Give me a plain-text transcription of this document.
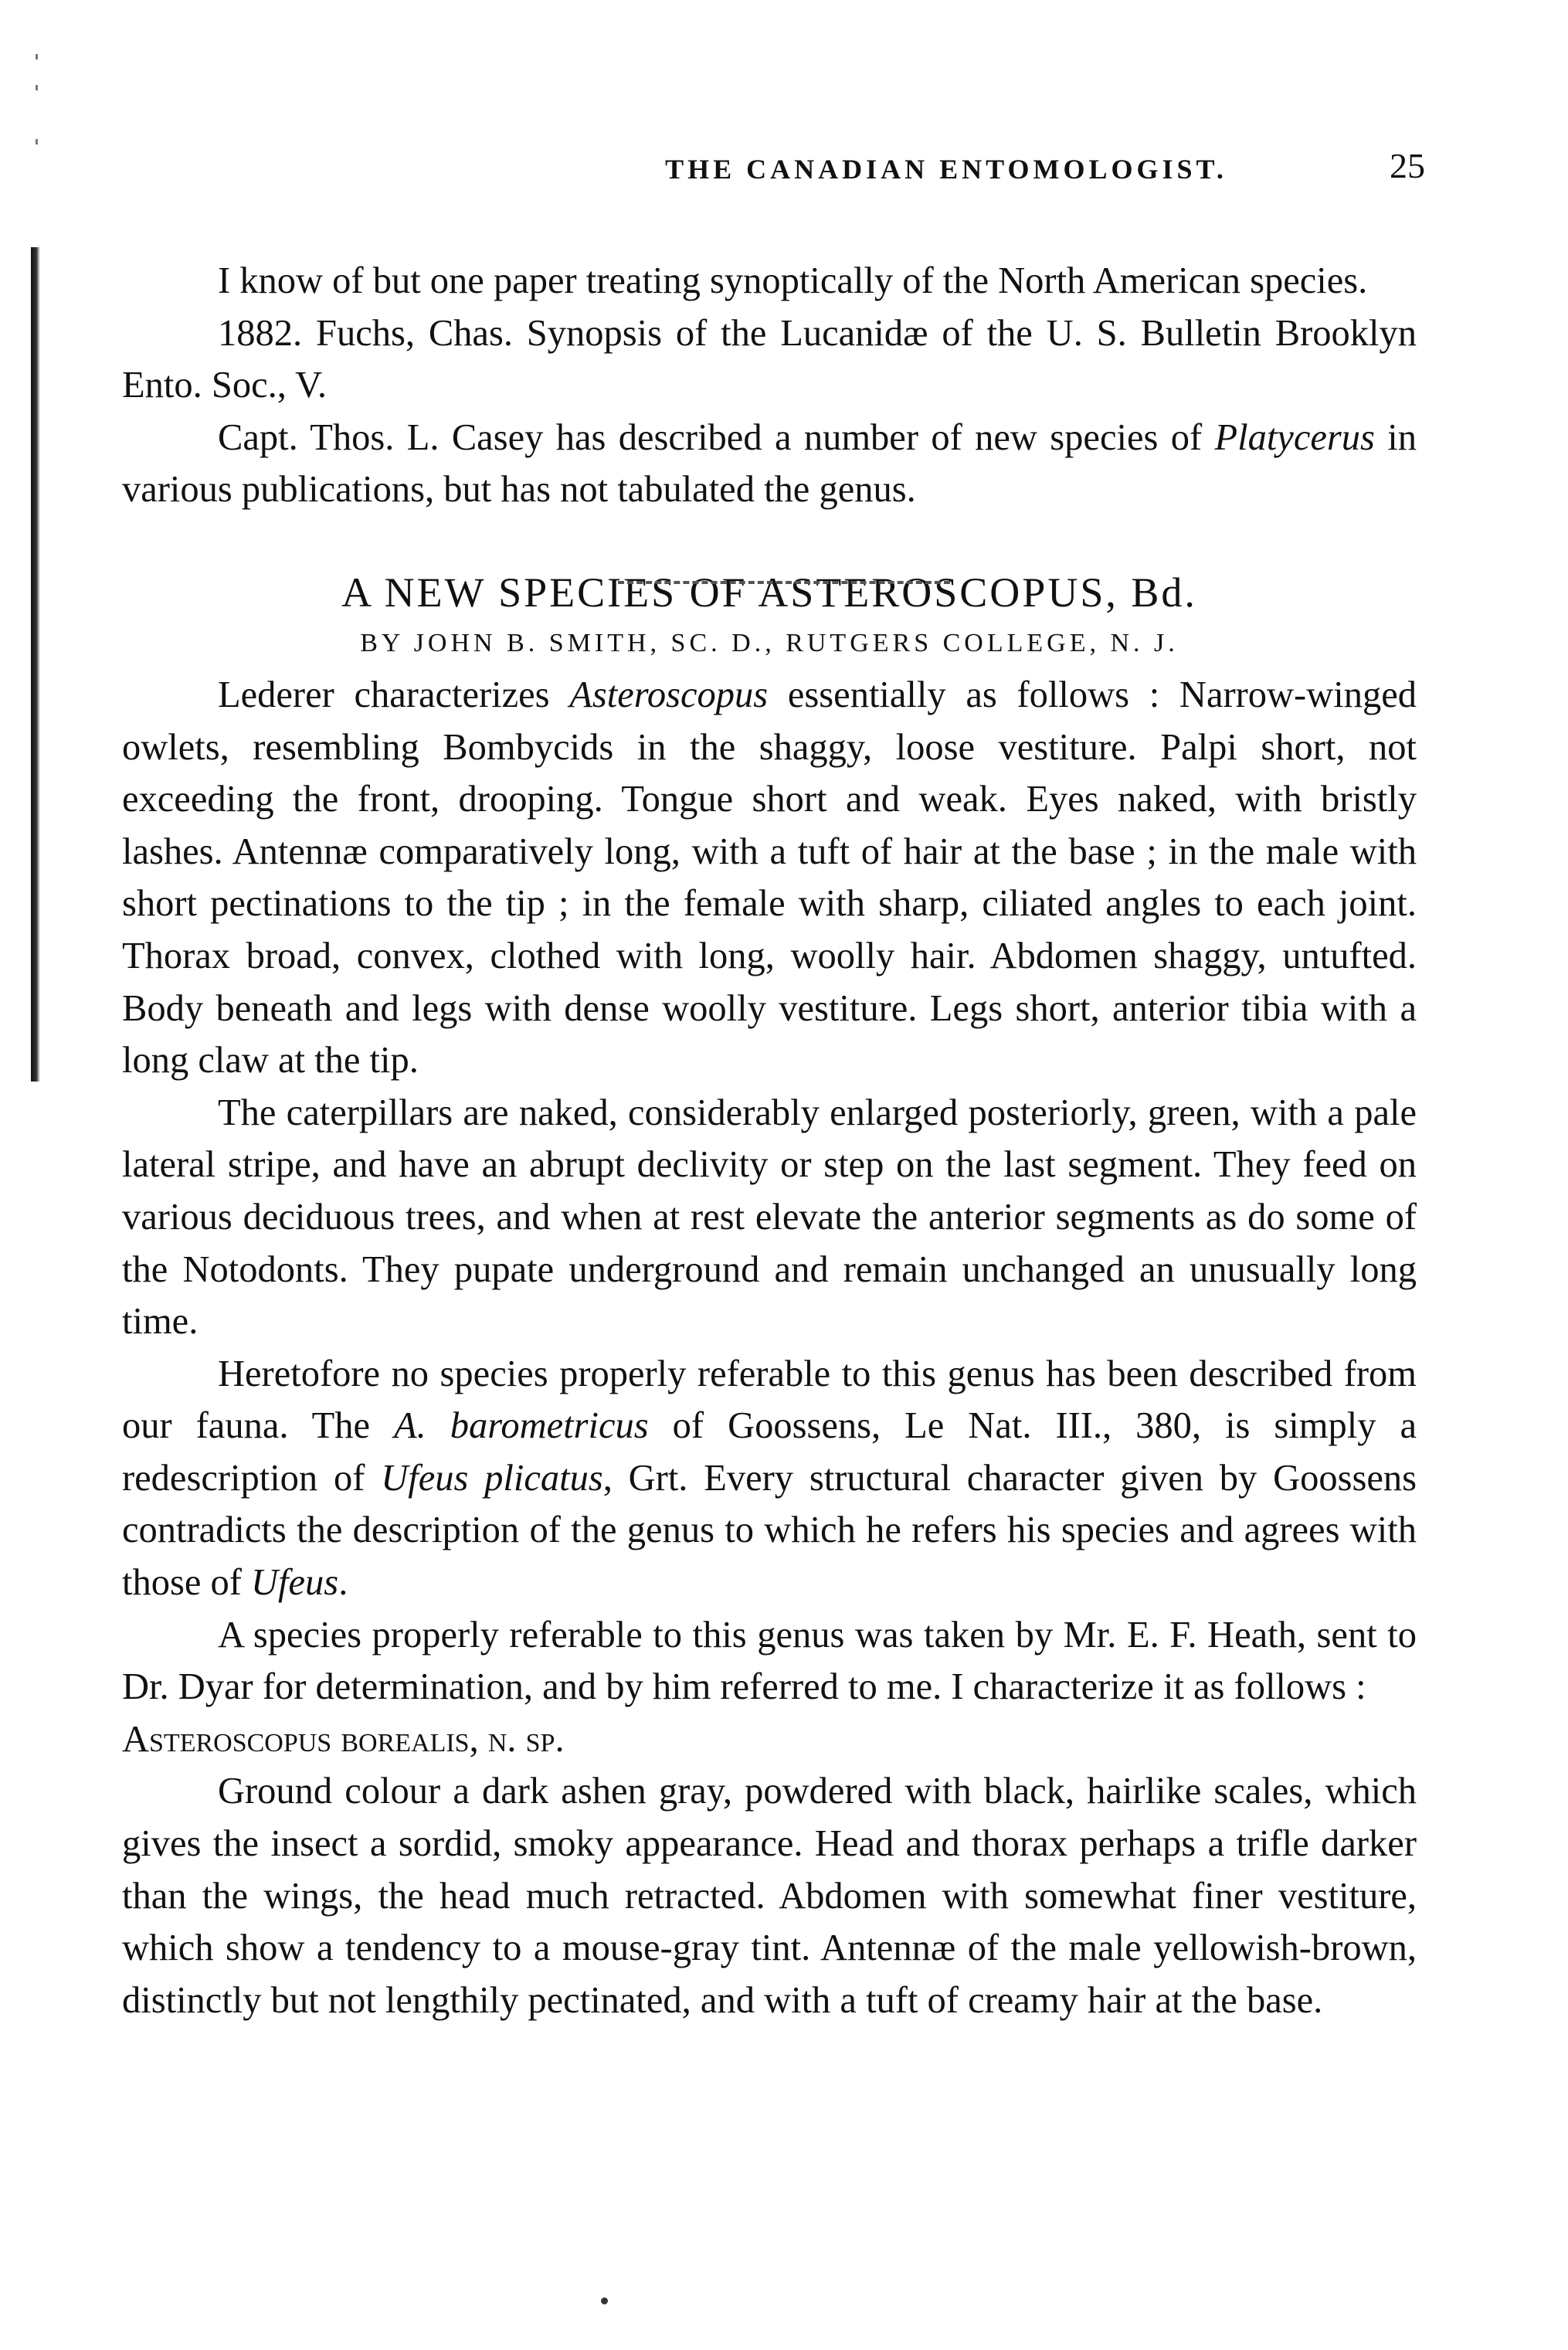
THE CANADIAN ENTOMOLOGIST.	25

I know of but one paper treating synoptically of the North American species.

1882. Fuchs, Chas. Synopsis of the Lucanidæ of the U. S. Bulletin Brooklyn Ento. Soc., V.

Capt. Thos. L. Casey has described a number of new species of Platycerus in various publications, but has not tabulated the genus.

A NEW SPECIES OF ASTEROSCOPUS, Bd.

BY JOHN B. SMITH, SC. D., RUTGERS COLLEGE, N. J.

Lederer characterizes Asteroscopus essentially as follows : Narrow-winged owlets, resembling Bombycids in the shaggy, loose vestiture. Palpi short, not exceeding the front, drooping. Tongue short and weak. Eyes naked, with bristly lashes. Antennæ comparatively long, with a tuft of hair at the base ; in the male with short pectinations to the tip ; in the female with sharp, ciliated angles to each joint. Thorax broad, convex, clothed with long, woolly hair. Abdomen shaggy, untufted. Body beneath and legs with dense woolly vestiture. Legs short, anterior tibia with a long claw at the tip.

The caterpillars are naked, considerably enlarged posteriorly, green, with a pale lateral stripe, and have an abrupt declivity or step on the last segment. They feed on various deciduous trees, and when at rest elevate the anterior segments as do some of the Notodonts. They pupate underground and remain unchanged an unusually long time.

Heretofore no species properly referable to this genus has been described from our fauna. The A. barometricus of Goossens, Le Nat. III., 380, is simply a redescription of Ufeus plicatus, Grt. Every structural character given by Goossens contradicts the description of the genus to which he refers his species and agrees with those of Ufeus.

A species properly referable to this genus was taken by Mr. E. F. Heath, sent to Dr. Dyar for determination, and by him referred to me. I characterize it as follows :

Asteroscopus borealis, n. sp.

Ground colour a dark ashen gray, powdered with black, hairlike scales, which gives the insect a sordid, smoky appearance. Head and thorax perhaps a trifle darker than the wings, the head much retracted. Abdomen with somewhat finer vestiture, which show a tendency to a mouse-gray tint. Antennæ of the male yellowish-brown, distinctly but not lengthily pectinated, and with a tuft of creamy hair at the base.
